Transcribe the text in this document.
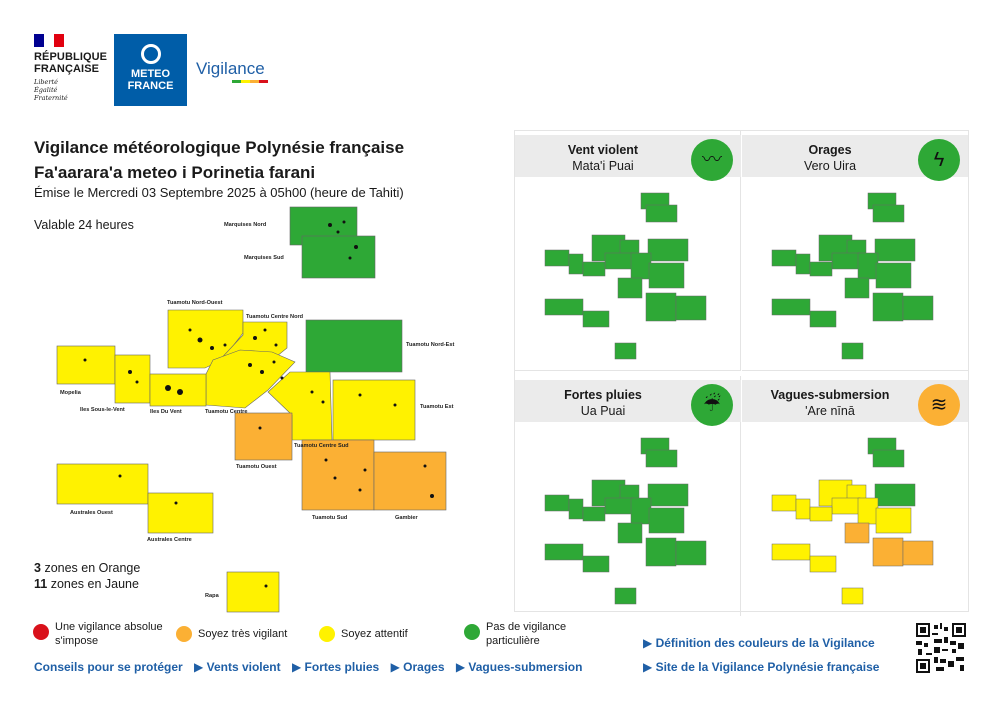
RÉPUBLIQUE
FRANÇAISE
Liberté
Égalité
Fraternité
METEO
FRANCE
Vigilance
Vigilance météorologique Polynésie française
Fa'aarara'a meteo i Porinetia farani
Émise le Mercredi 03 Septembre 2025 à 05h00 (heure de Tahiti)
Valable 24 heures	Marquises Nord
Marquises Sud
Tuamotu Nord-Ouest
Tuamotu Centre Nord
Tuamotu Nord-Est
Mopelia
Iles Sous-le-Vent	Iles Du Vent	Tuamotu Centre
Tuamotu Est
Tuamotu Ouest
Tuamotu Centre Sud
Tuamotu Sud	Gambier
Australes Ouest
Australes Centre
Rapa
3 zones en Orange
11 zones en Jaune
Vent violent
Mata'i Puai	〰	Orages
Vero Uira	ϟ
Fortes pluies
Ua Puai	☔	Vagues-submersion
'Are nīnā	≋
Une vigilance absolue
s'impose
Soyez très vigilant	Soyez attentif
Pas de vigilance
particulière
Conseils pour se protéger ▶ Vents violent ▶ Fortes pluies ▶ Orages ▶ Vagues-submersion
▶ Définition des couleurs de la Vigilance
▶ Site de la Vigilance Polynésie française
